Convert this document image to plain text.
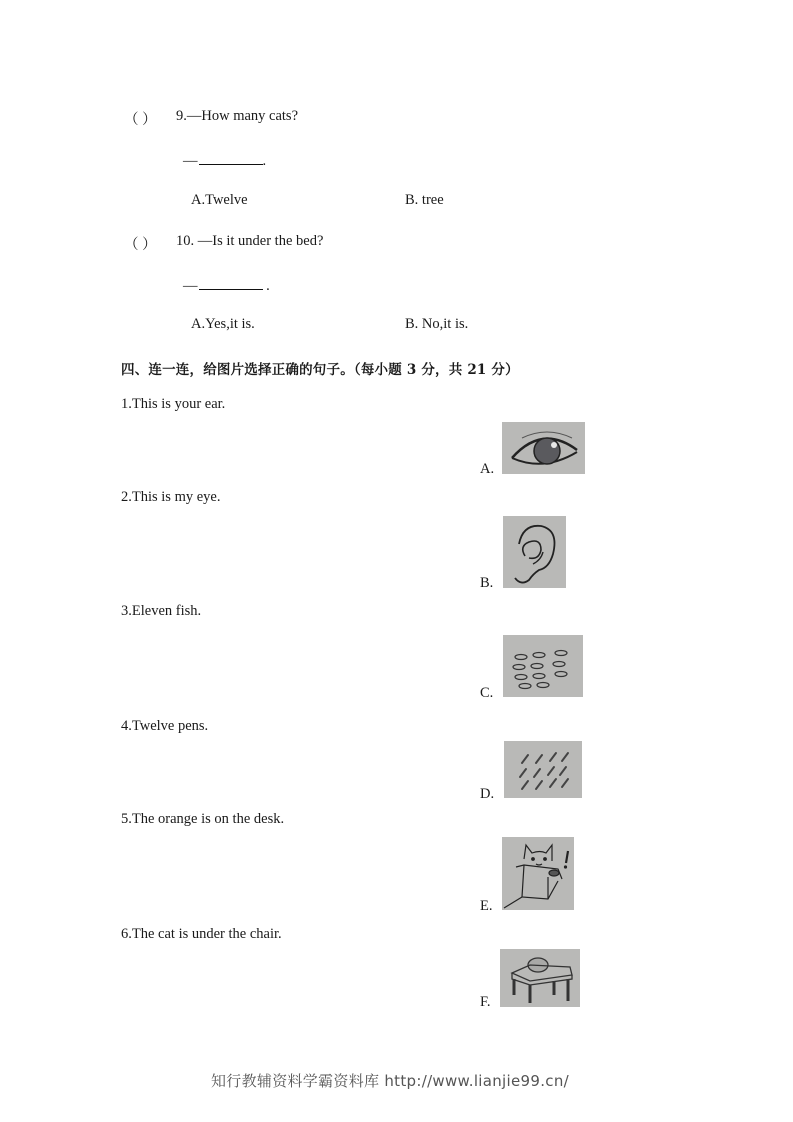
（ ） 9.—How many cats?
—	.
A.Twelve	B. tree
（ ） 10. —Is it under the bed?
—	.
A.Yes,it is.	B. No,it is.
四、连一连，给图片选择正确的句子。（每小题 3 分，共 21 分）
1.This is your ear.
2.This is my eye.
3.Eleven fish.
4.Twelve pens.
5.The orange is on the desk.
6.The cat is under the chair.
A.
B.
C.
D.
E.
F.
知行教辅资料学霸资料库 http://www.lianjie99.cn/
